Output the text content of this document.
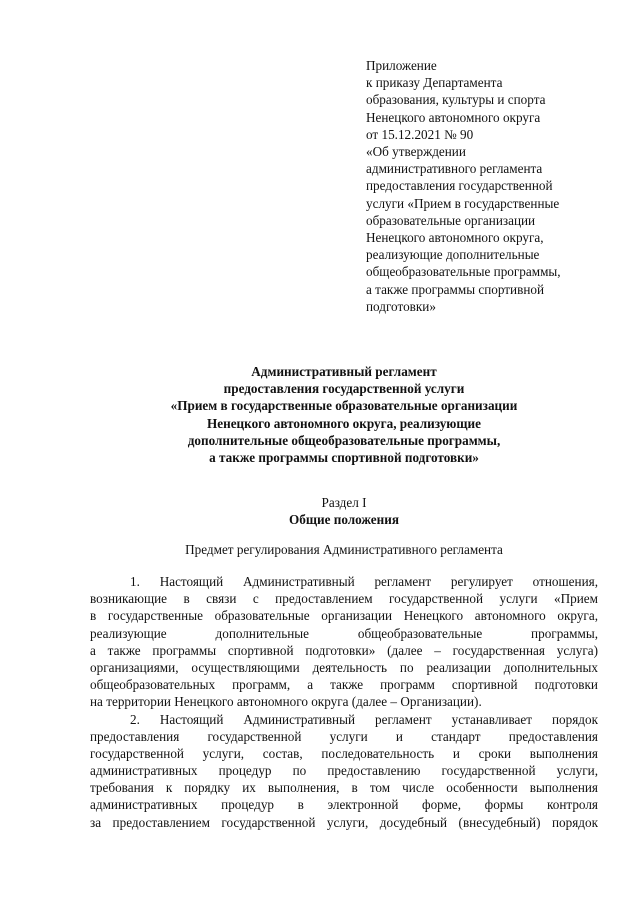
Приложение
к приказу Департамента
образования, культуры и спорта
Ненецкого автономного округа
от 15.12.2021 № 90
«Об утверждении
административного регламента
предоставления государственной
услуги «Прием в государственные
образовательные организации
Ненецкого автономного округа,
реализующие дополнительные
общеобразовательные программы,
а также программы спортивной
подготовки»
Административный регламент
предоставления государственной услуги
«Прием в государственные образовательные организации
Ненецкого автономного округа, реализующие
дополнительные общеобразовательные программы,
а также программы спортивной подготовки»
Раздел I
Общие положения
Предмет регулирования Административного регламента
1. Настоящий Административный регламент регулирует отношения,
возникающие в связи с предоставлением государственной услуги «Прием
в государственные образовательные организации Ненецкого автономного округа,
реализующие дополнительные общеобразовательные программы,
а также программы спортивной подготовки» (далее – государственная услуга)
организациями, осуществляющими деятельность по реализации дополнительных
общеобразовательных программ, а также программ спортивной подготовки
на территории Ненецкого автономного округа (далее – Организации).
2. Настоящий Административный регламент устанавливает порядок
предоставления государственной услуги и стандарт предоставления
государственной услуги, состав, последовательность и сроки выполнения
административных процедур по предоставлению государственной услуги,
требования к порядку их выполнения, в том числе особенности выполнения
административных процедур в электронной форме, формы контроля
за предоставлением государственной услуги, досудебный (внесудебный) порядок
